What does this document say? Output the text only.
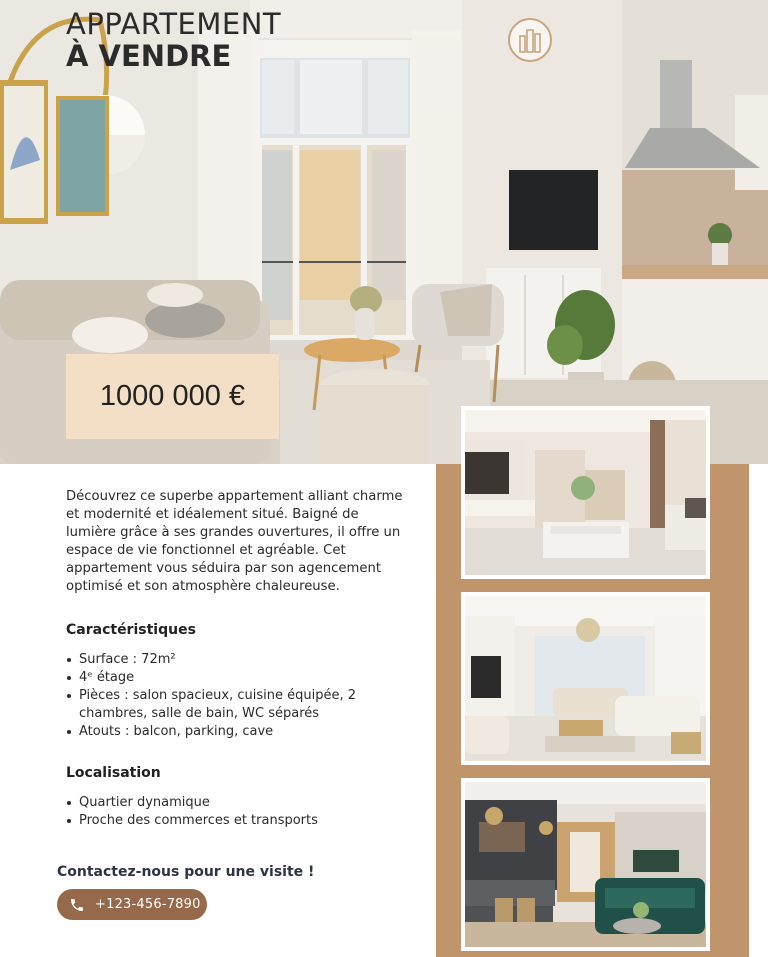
APPARTEMENT
À VENDRE
1000 000 €

Découvrez ce superbe appartement alliant charme et modernité et idéalement situé. Baigné de lumière grâce à ses grandes ouvertures, il offre un espace de vie fonctionnel et agréable. Cet appartement vous séduira par son agencement optimisé et son atmosphère chaleureuse.

Caractéristiques
Surface : 72m²
4ᵉ étage
Pièces : salon spacieux, cuisine équipée, 2 chambres, salle de bain, WC séparés
Atouts : balcon, parking, cave
Localisation
Quartier dynamique
Proche des commerces et transports
Contactez-nous pour une visite !
+123-456-7890
